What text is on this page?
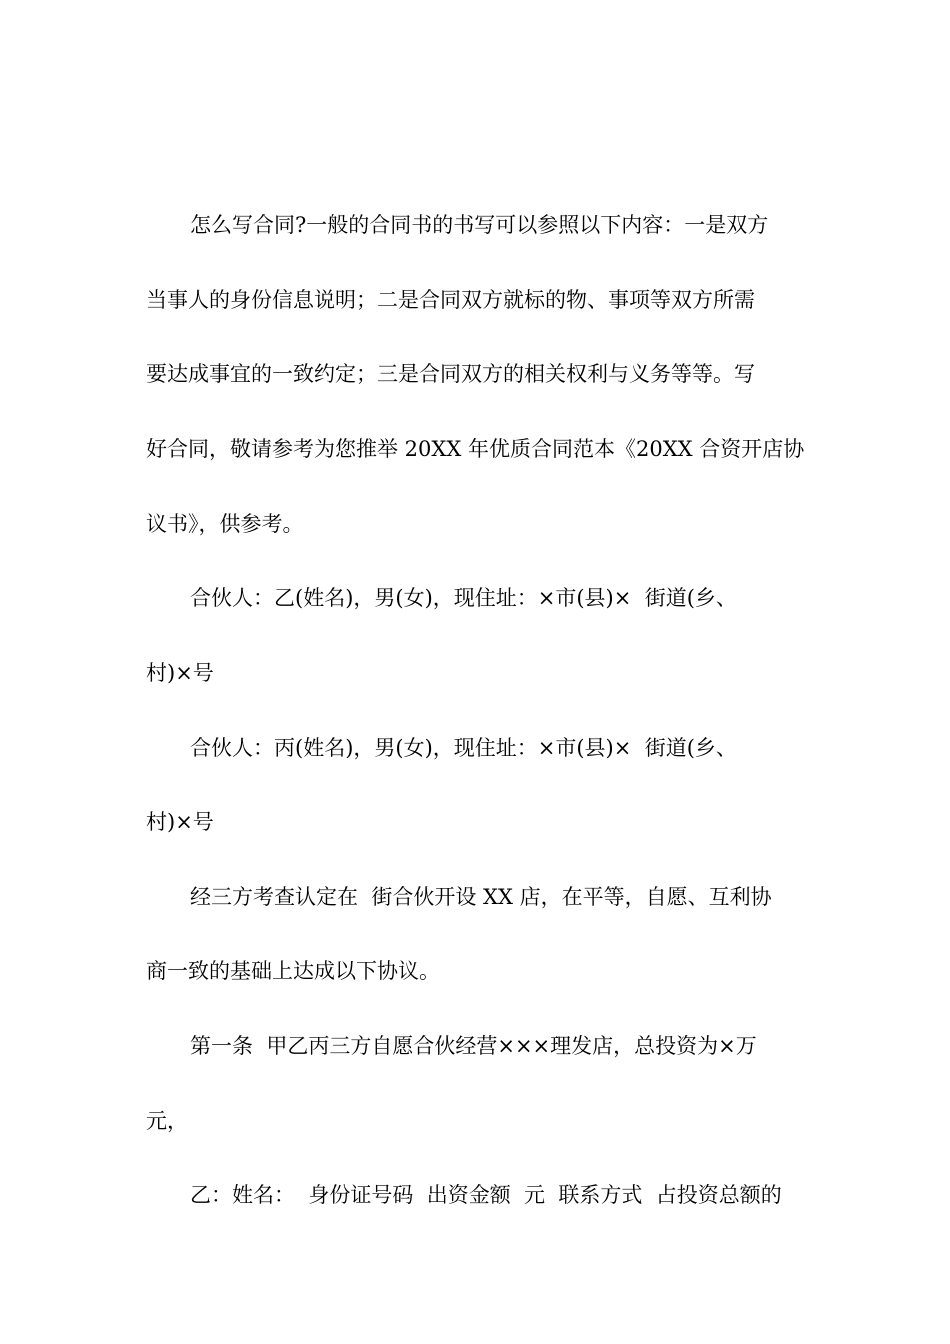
怎么写合同?一般的合同书的书写可以参照以下内容：一是双方
当事人的身份信息说明；二是合同双方就标的物、事项等双方所需
要达成事宜的一致约定；三是合同双方的相关权利与义务等等。写
好合同，敬请参考为您推举 20XX 年优质合同范本《20XX 合资开店协
议书》，供参考。
合伙人：乙(姓名)，男(女)，现住址：×市(县)×  街道(乡、
村)×号
合伙人：丙(姓名)，男(女)，现住址：×市(县)×  街道(乡、
村)×号
经三方考查认定在  街合伙开设 XX 店，在平等，自愿、互利协
商一致的基础上达成以下协议。
第一条  甲乙丙三方自愿合伙经营×××理发店，总投资为×万
元，
乙：姓名：  身份证号码  出资金额  元  联系方式  占投资总额的
